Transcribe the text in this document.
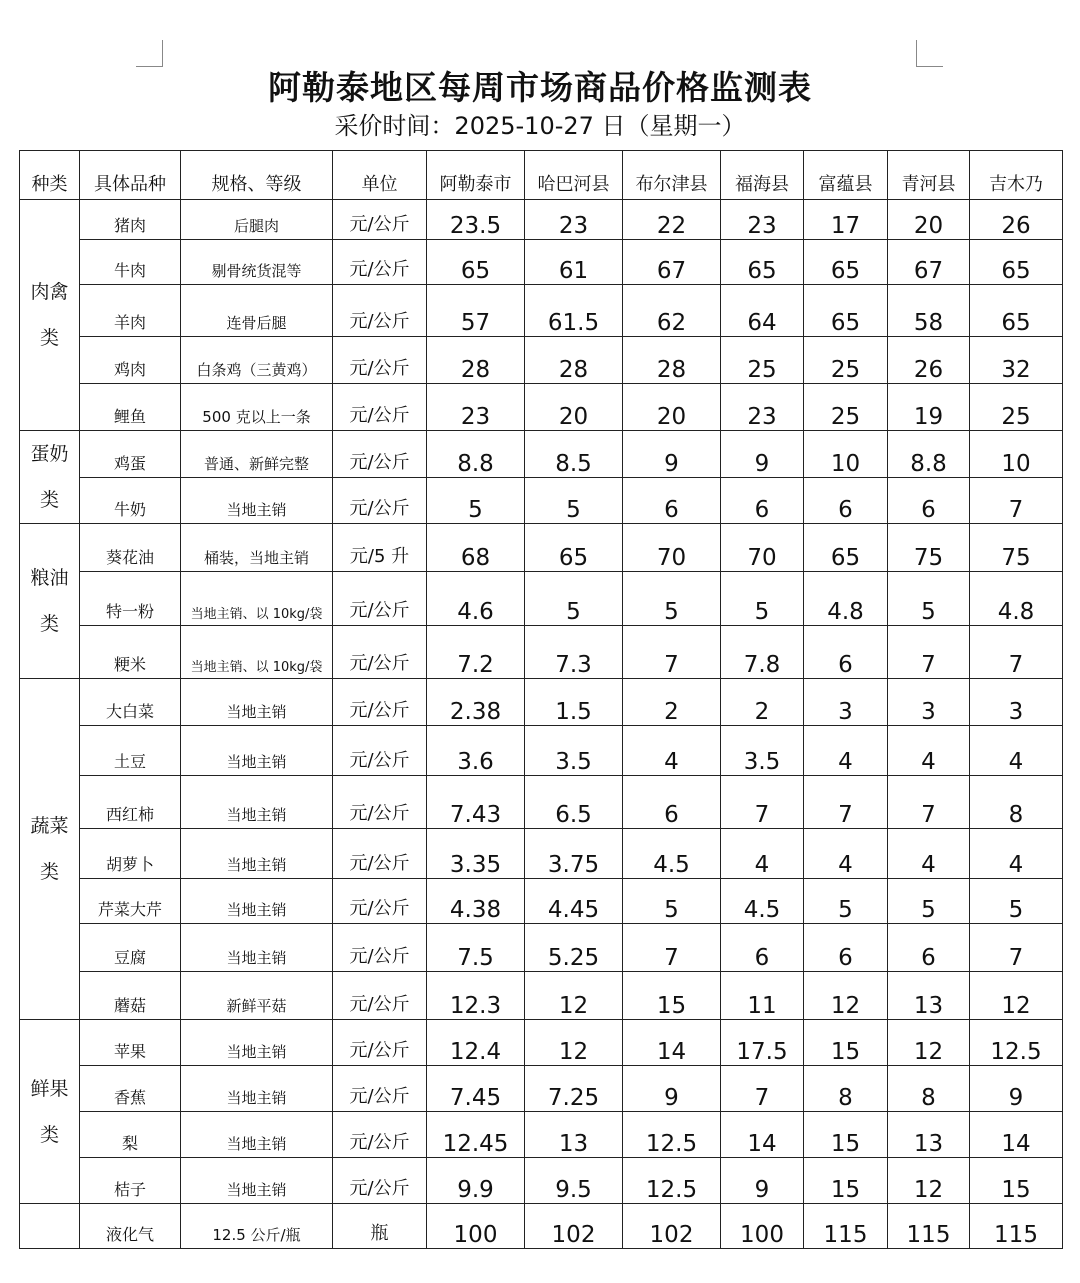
阿勒泰地区每周市场商品价格监测表
采价时间：2025-10-27 日（星期一）
种类	具体品种	规格、等级	单位	阿勒泰市	哈巴河县	布尔津县	福海县	富蕴县	青河县	吉木乃
肉禽类	猪肉	后腿肉	元/公斤	23.5	23	22	23	17	20	26
	牛肉	剔骨统货混等	元/公斤	65	61	67	65	65	67	65
	羊肉	连骨后腿	元/公斤	57	61.5	62	64	65	58	65
	鸡肉	白条鸡（三黄鸡）	元/公斤	28	28	28	25	25	26	32
	鲤鱼	500 克以上一条	元/公斤	23	20	20	23	25	19	25
蛋奶类	鸡蛋	普通、新鲜完整	元/公斤	8.8	8.5	9	9	10	8.8	10
	牛奶	当地主销	元/公斤	5	5	6	6	6	6	7
粮油类	葵花油	桶装，当地主销	元/5 升	68	65	70	70	65	75	75
	特一粉	当地主销、以 10kg/袋	元/公斤	4.6	5	5	5	4.8	5	4.8
	粳米	当地主销、以 10kg/袋	元/公斤	7.2	7.3	7	7.8	6	7	7
蔬菜类	大白菜	当地主销	元/公斤	2.38	1.5	2	2	3	3	3
	土豆	当地主销	元/公斤	3.6	3.5	4	3.5	4	4	4
	西红柿	当地主销	元/公斤	7.43	6.5	6	7	7	7	8
	胡萝卜	当地主销	元/公斤	3.35	3.75	4.5	4	4	4	4
	芹菜大芹	当地主销	元/公斤	4.38	4.45	5	4.5	5	5	5
	豆腐	当地主销	元/公斤	7.5	5.25	7	6	6	6	7
	蘑菇	新鲜平菇	元/公斤	12.3	12	15	11	12	13	12
鲜果类	苹果	当地主销	元/公斤	12.4	12	14	17.5	15	12	12.5
	香蕉	当地主销	元/公斤	7.45	7.25	9	7	8	8	9
	梨	当地主销	元/公斤	12.45	13	12.5	14	15	13	14
	桔子	当地主销	元/公斤	9.9	9.5	12.5	9	15	12	15
	液化气	12.5 公斤/瓶	瓶	100	102	102	100	115	115	115
